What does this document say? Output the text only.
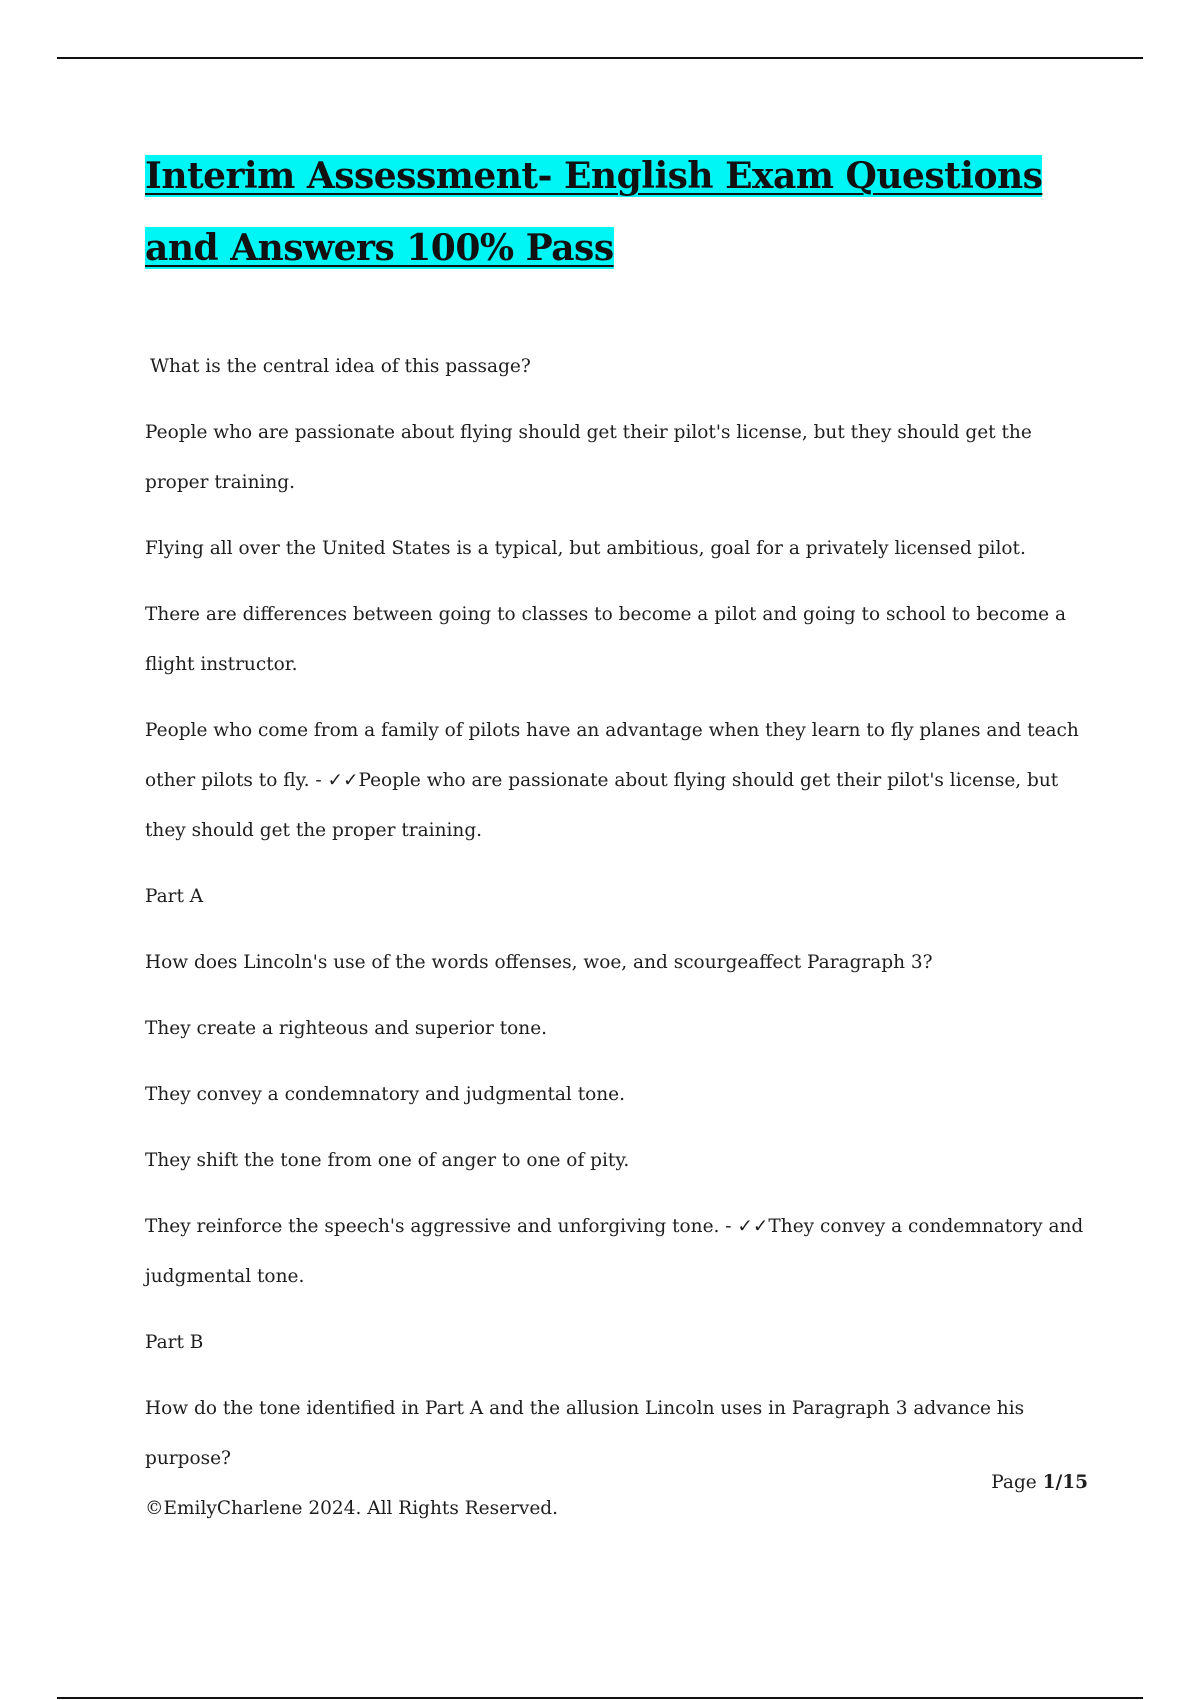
Interim Assessment- English Exam Questions and Answers 100% Pass

What is the central idea of this passage?

People who are passionate about flying should get their pilot's license, but they should get the proper training.

Flying all over the United States is a typical, but ambitious, goal for a privately licensed pilot.

There are differences between going to classes to become a pilot and going to school to become a flight instructor.

People who come from a family of pilots have an advantage when they learn to fly planes and teach other pilots to fly. - ✓✓People who are passionate about flying should get their pilot's license, but they should get the proper training.

Part A

How does Lincoln's use of the words offenses, woe, and scourgeaffect Paragraph 3?

They create a righteous and superior tone.

They convey a condemnatory and judgmental tone.

They shift the tone from one of anger to one of pity.

They reinforce the speech's aggressive and unforgiving tone. - ✓✓They convey a condemnatory and judgmental tone.

Part B

How do the tone identified in Part A and the allusion Lincoln uses in Paragraph 3 advance his purpose?

Page 1/15
©EmilyCharlene 2024. All Rights Reserved.
